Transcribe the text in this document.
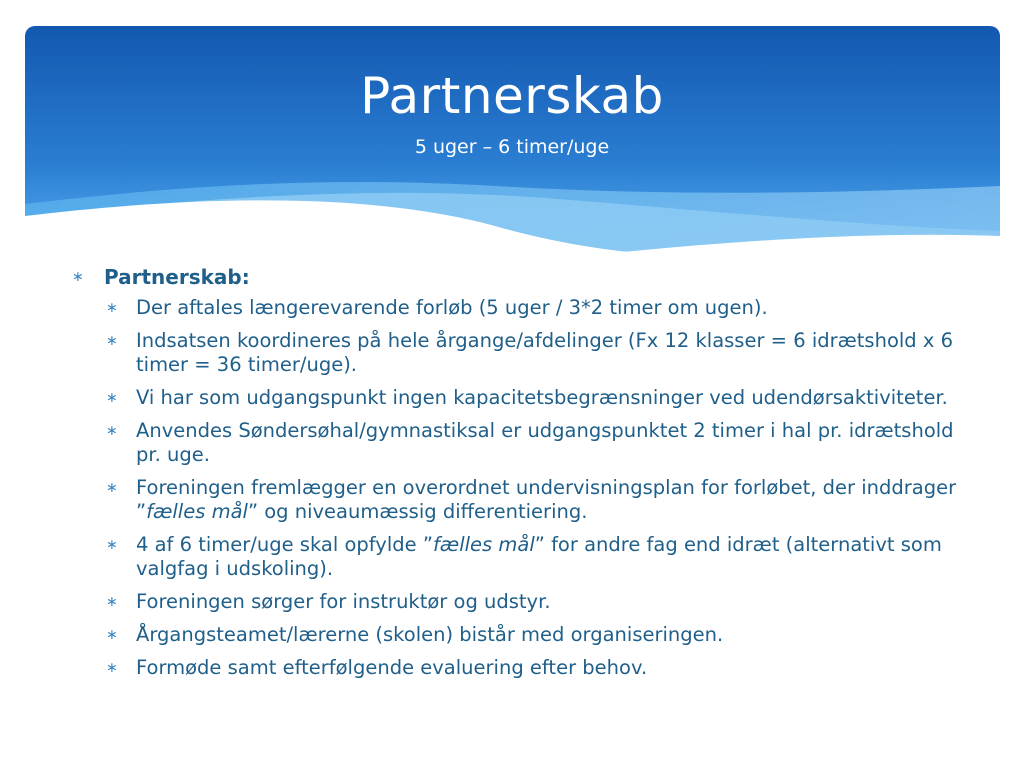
Partnerskab
5 uger – 6 timer/uge
∗ Partnerskab:
∗ Der aftales længerevarende forløb (5 uger / 3*2 timer om ugen).
∗ Indsatsen koordineres på hele årgange/afdelinger (Fx 12 klasser = 6 idrætshold x 6 timer = 36 timer/uge).
∗ Vi har som udgangspunkt ingen kapacitetsbegrænsninger ved udendørsaktiviteter.
∗ Anvendes Søndersøhal/gymnastiksal er udgangspunktet 2 timer i hal pr. idrætshold pr. uge.
∗ Foreningen fremlægger en overordnet undervisningsplan for forløbet, der inddrager ”fælles mål” og niveaumæssig differentiering.
∗ 4 af 6 timer/uge skal opfylde ”fælles mål” for andre fag end idræt (alternativt som valgfag i udskoling).
∗ Foreningen sørger for instruktør og udstyr.
∗ Årgangsteamet/lærerne (skolen) bistår med organiseringen.
∗ Formøde samt efterfølgende evaluering efter behov.
